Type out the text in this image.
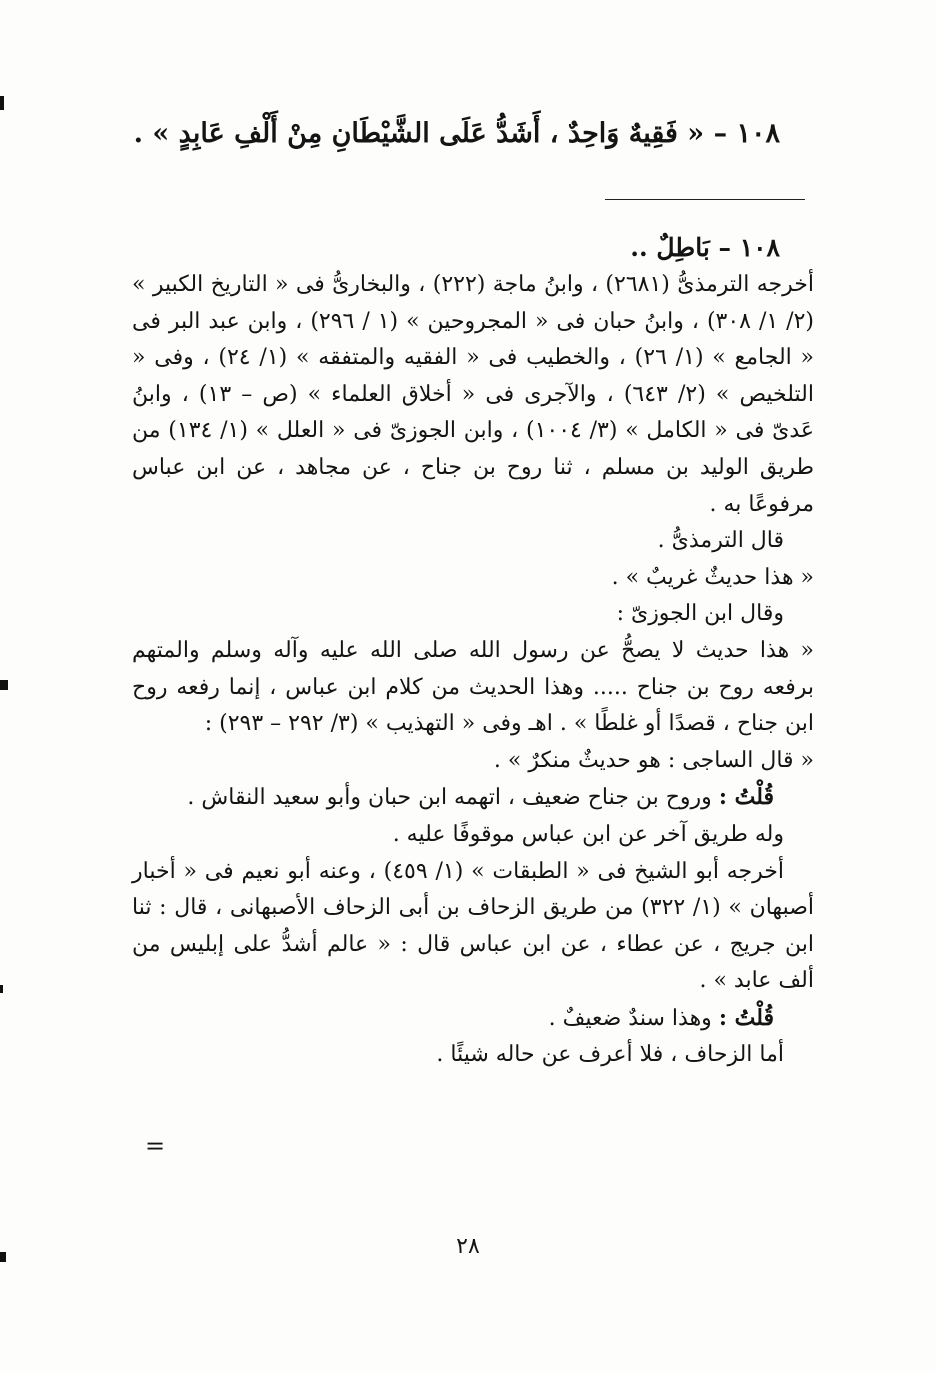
١٠٨ – « فَقِيهٌ وَاحِدٌ ، أَشَدُّ عَلَى الشَّيْطَانِ مِنْ أَلْفِ عَابِدٍ » .
١٠٨ – بَاطِلٌ ..

أخرجه الترمذىُّ (٢٦٨١) ، وابنُ ماجة (٢٢٢) ، والبخارىُّ فى « التاريخ الكبير » (٢/ ١/ ٣٠٨) ، وابنُ حبان فى « المجروحين » (١ / ٢٩٦) ، وابن عبد البر فى « الجامع » (١/ ٢٦) ، والخطيب فى « الفقيه والمتفقه » (١/ ٢٤) ، وفى « التلخيص » (٢/ ٦٤٣) ، والآجرى فى « أخلاق العلماء » (ص – ١٣) ، وابنُ عَدىّ فى « الكامل » (٣/ ١٠٠٤) ، وابن الجوزىّ فى « العلل » (١/ ١٣٤) من طريق الوليد بن مسلم ، ثنا روح بن جناح ، عن مجاهد ، عن ابن عباس مرفوعًا به .

قال الترمذىُّ .

« هذا حديثٌ غريبٌ » .

وقال ابن الجوزىّ :

« هذا حديث لا يصحُّ عن رسول الله صلى الله عليه وآله وسلم والمتهم برفعه روح بن جناح ..... وهذا الحديث من كلام ابن عباس ، إنما رفعه روح ابن جناح ، قصدًا أو غلطًا » . اهـ وفى « التهذيب » (٣/ ٢٩٢ – ٢٩٣) :

« قال الساجى : هو حديثٌ منكرٌ » .

قُلْتُ : وروح بن جناح ضعيف ، اتهمه ابن حبان وأبو سعيد النقاش .

وله طريق آخر عن ابن عباس موقوفًا عليه .

أخرجه أبو الشيخ فى « الطبقات » (١/ ٤٥٩) ، وعنه أبو نعيم فى « أخبار أصبهان » (١/ ٣٢٢) من طريق الزحاف بن أبى الزحاف الأصبهانى ، قال : ثنا ابن جريج ، عن عطاء ، عن ابن عباس قال : « عالم أشدُّ على إبليس من ألف عابد » .

قُلْتُ : وهذا سندٌ ضعيفٌ .

أما الزحاف ، فلا أعرف عن حاله شيئًا .

=
٢٨
